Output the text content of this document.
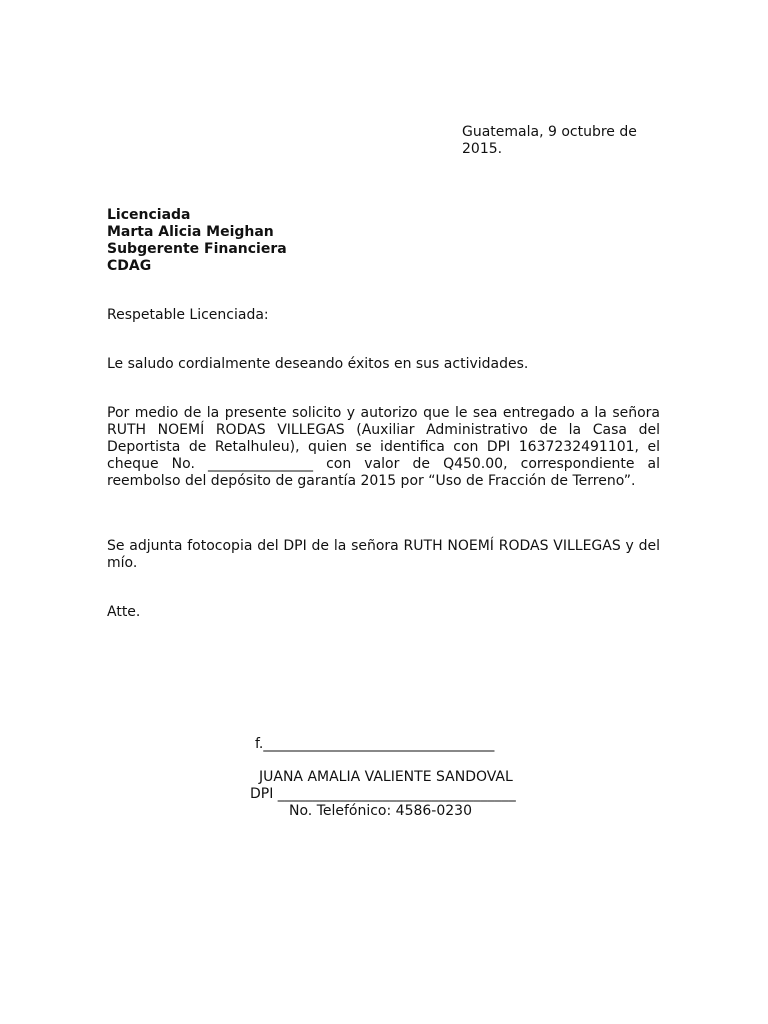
Guatemala, 9 octubre de
2015.
Licenciada
Marta Alicia Meighan
Subgerente Financiera
CDAG
Respetable Licenciada:
Le saludo cordialmente deseando éxitos en sus actividades.
Por medio de la presente solicito y autorizo que le sea entregado a la señora RUTH NOEMÍ RODAS VILLEGAS (Auxiliar Administrativo de la Casa del Deportista de Retalhuleu), quien se identifica con DPI 1637232491101, el cheque No. _______________ con valor de Q450.00, correspondiente al reembolso del depósito de garantía 2015 por “Uso de Fracción de Terreno”.
Se adjunta fotocopia del DPI de la señora RUTH NOEMÍ RODAS VILLEGAS y del mío.
Atte.
f._________________________________
JUANA AMALIA VALIENTE SANDOVAL
DPI __________________________________
No. Telefónico: 4586-0230
